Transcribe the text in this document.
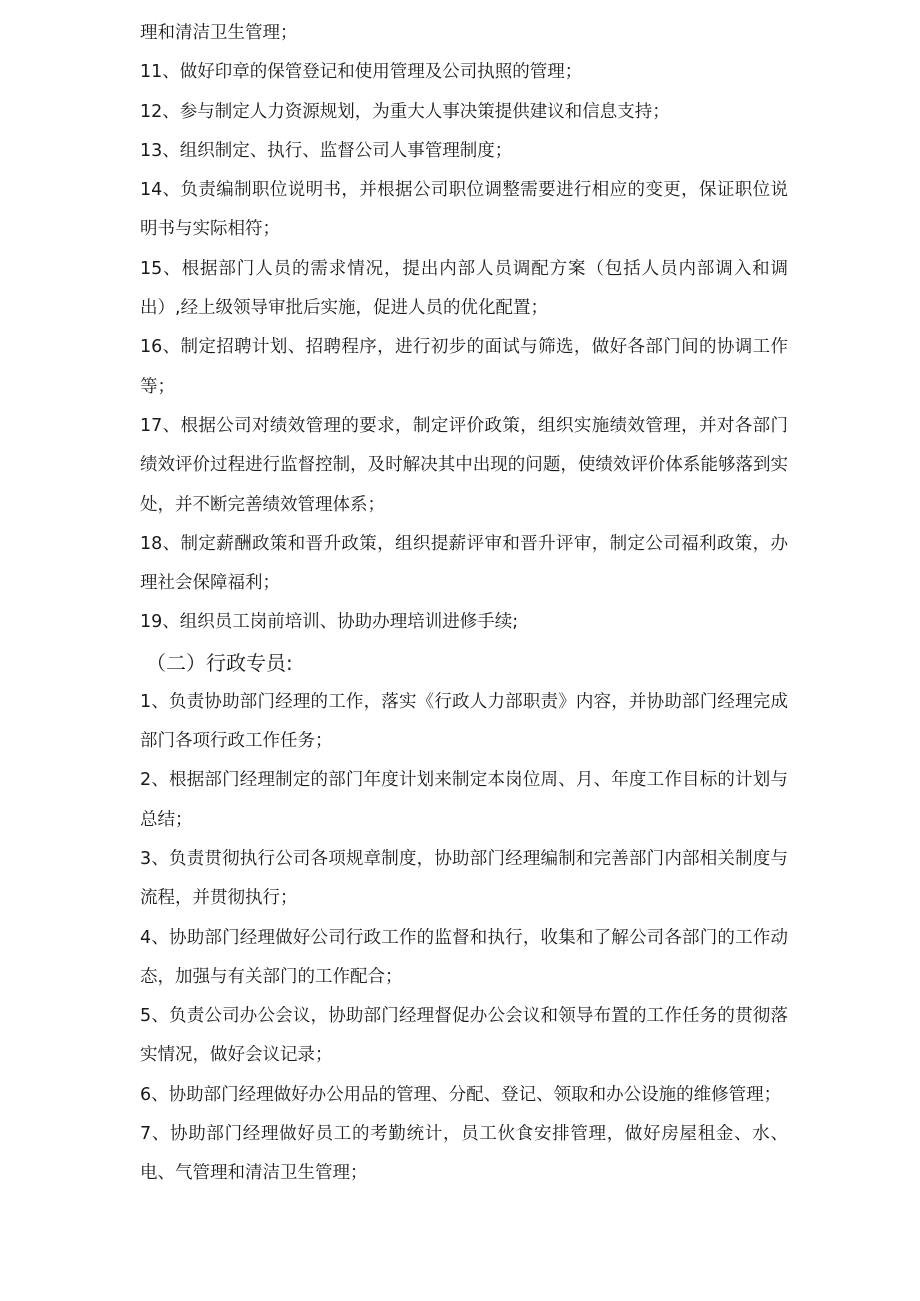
理和清洁卫生管理；

11、做好印章的保管登记和使用管理及公司执照的管理；

12、参与制定人力资源规划，为重大人事决策提供建议和信息支持；

13、组织制定、执行、监督公司人事管理制度；

14、负责编制职位说明书，并根据公司职位调整需要进行相应的变更，保证职位说明书与实际相符；

15、根据部门人员的需求情况，提出内部人员调配方案（包括人员内部调入和调出）,经上级领导审批后实施，促进人员的优化配置；

16、制定招聘计划、招聘程序，进行初步的面试与筛选，做好各部门间的协调工作等；

17、根据公司对绩效管理的要求，制定评价政策，组织实施绩效管理，并对各部门绩效评价过程进行监督控制，及时解决其中出现的问题，使绩效评价体系能够落到实处，并不断完善绩效管理体系；

18、制定薪酬政策和晋升政策，组织提薪评审和晋升评审，制定公司福利政策，办理社会保障福利；

19、组织员工岗前培训、协助办理培训进修手续;

（二）行政专员:

1、负责协助部门经理的工作，落实《行政人力部职责》内容，并协助部门经理完成部门各项行政工作任务；

2、根据部门经理制定的部门年度计划来制定本岗位周、月、年度工作目标的计划与总结；

3、负责贯彻执行公司各项规章制度，协助部门经理编制和完善部门内部相关制度与流程，并贯彻执行；

4、协助部门经理做好公司行政工作的监督和执行，收集和了解公司各部门的工作动态，加强与有关部门的工作配合；

5、负责公司办公会议，协助部门经理督促办公会议和领导布置的工作任务的贯彻落实情况，做好会议记录；

6、协助部门经理做好办公用品的管理、分配、登记、领取和办公设施的维修管理；

7、协助部门经理做好员工的考勤统计，员工伙食安排管理，做好房屋租金、水、电、气管理和清洁卫生管理；
